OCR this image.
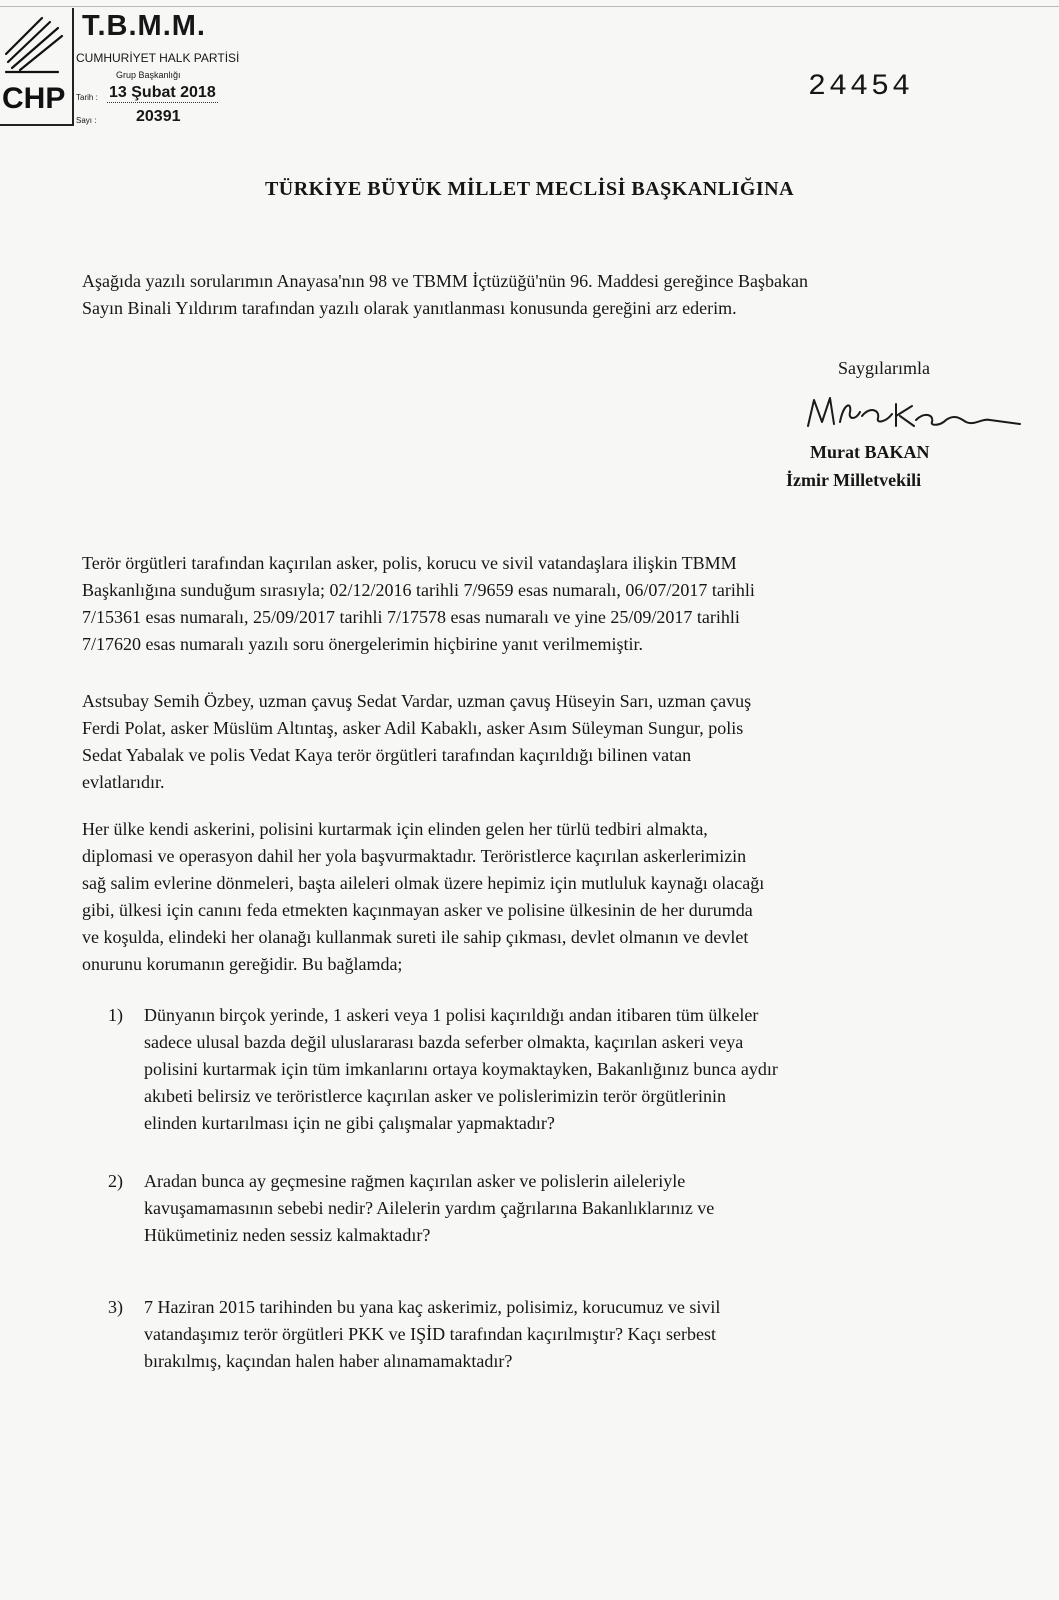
CHP
T.B.M.M.
CUMHURİYET HALK PARTİSİ
Grup Başkanlığı
Tarih : 13 Şubat 2018
Sayı : 20391
24454
TÜRKİYE BÜYÜK MİLLET MECLİSİ BAŞKANLIĞINA
Aşağıda yazılı sorularımın Anayasa'nın 98 ve TBMM İçtüzüğü'nün 96. Maddesi gereğince Başbakan
Sayın Binali Yıldırım tarafından yazılı olarak yanıtlanması konusunda gereğini arz ederim.
Saygılarımla
Murat BAKAN
İzmir Milletvekili
Terör örgütleri tarafından kaçırılan asker, polis, korucu ve sivil vatandaşlara ilişkin TBMM
Başkanlığına sunduğum sırasıyla; 02/12/2016 tarihli 7/9659 esas numaralı, 06/07/2017 tarihli
7/15361 esas numaralı, 25/09/2017 tarihli 7/17578 esas numaralı ve yine 25/09/2017 tarihli
7/17620 esas numaralı yazılı soru önergelerimin hiçbirine yanıt verilmemiştir.
Astsubay Semih Özbey, uzman çavuş Sedat Vardar, uzman çavuş Hüseyin Sarı, uzman çavuş
Ferdi Polat, asker Müslüm Altıntaş, asker Adil Kabaklı, asker Asım Süleyman Sungur, polis
Sedat Yabalak ve polis Vedat Kaya terör örgütleri tarafından kaçırıldığı bilinen vatan
evlatlarıdır.
Her ülke kendi askerini, polisini kurtarmak için elinden gelen her türlü tedbiri almakta,
diplomasi ve operasyon dahil her yola başvurmaktadır. Teröristlerce kaçırılan askerlerimizin
sağ salim evlerine dönmeleri, başta aileleri olmak üzere hepimiz için mutluluk kaynağı olacağı
gibi, ülkesi için canını feda etmekten kaçınmayan asker ve polisine ülkesinin de her durumda
ve koşulda, elindeki her olanağı kullanmak sureti ile sahip çıkması, devlet olmanın ve devlet
onurunu korumanın gereğidir. Bu bağlamda;
1) Dünyanın birçok yerinde, 1 askeri veya 1 polisi kaçırıldığı andan itibaren tüm ülkeler
sadece ulusal bazda değil uluslararası bazda seferber olmakta, kaçırılan askeri veya
polisini kurtarmak için tüm imkanlarını ortaya koymaktayken, Bakanlığınız bunca aydır
akıbeti belirsiz ve teröristlerce kaçırılan asker ve polislerimizin terör örgütlerinin
elinden kurtarılması için ne gibi çalışmalar yapmaktadır?
2) Aradan bunca ay geçmesine rağmen kaçırılan asker ve polislerin aileleriyle
kavuşamamasının sebebi nedir? Ailelerin yardım çağrılarına Bakanlıklarınız ve
Hükümetiniz neden sessiz kalmaktadır?
3) 7 Haziran 2015 tarihinden bu yana kaç askerimiz, polisimiz, korucumuz ve sivil
vatandaşımız terör örgütleri PKK ve IŞİD tarafından kaçırılmıştır? Kaçı serbest
bırakılmış, kaçından halen haber alınamamaktadır?
